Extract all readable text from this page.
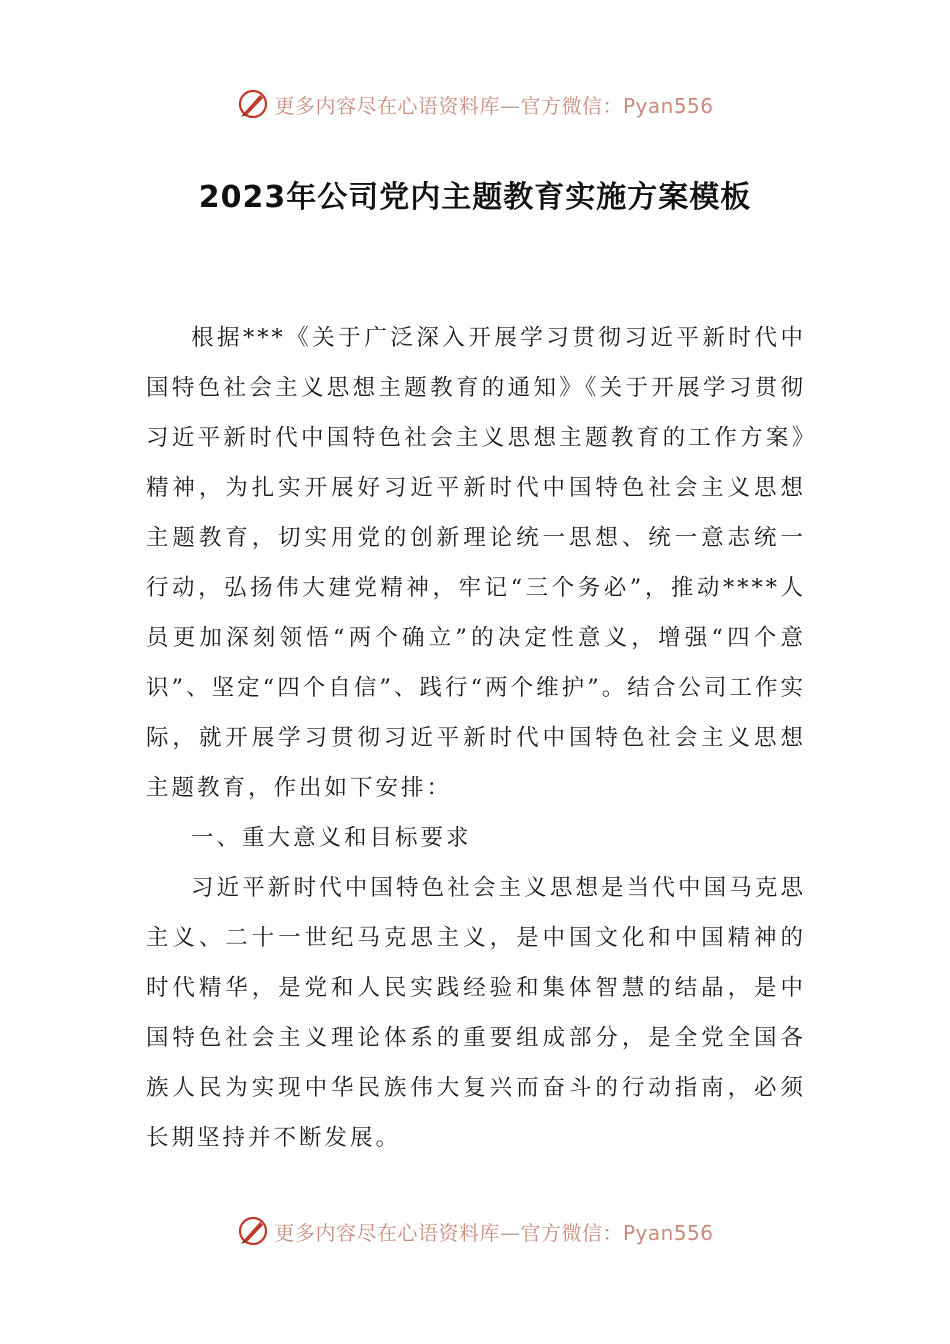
更多内容尽在心语资料库—官方微信：Pyan556
2023年公司党内主题教育实施方案模板

根据***《关于广泛深入开展学习贯彻习近平新时代中国特色社会主义思想主题教育的通知》《关于开展学习贯彻习近平新时代中国特色社会主义思想主题教育的工作方案》精神，为扎实开展好习近平新时代中国特色社会主义思想主题教育，切实用党的创新理论统一思想、统一意志统一行动，弘扬伟大建党精神，牢记“三个务必”，推动****人员更加深刻领悟“两个确立”的决定性意义，增强“四个意识”、坚定“四个自信”、践行“两个维护”。结合公司工作实际，就开展学习贯彻习近平新时代中国特色社会主义思想主题教育，作出如下安排：

一、重大意义和目标要求

习近平新时代中国特色社会主义思想是当代中国马克思主义、二十一世纪马克思主义，是中国文化和中国精神的时代精华，是党和人民实践经验和集体智慧的结晶，是中国特色社会主义理论体系的重要组成部分，是全党全国各族人民为实现中华民族伟大复兴而奋斗的行动指南，必须长期坚持并不断发展。

更多内容尽在心语资料库—官方微信：Pyan556
